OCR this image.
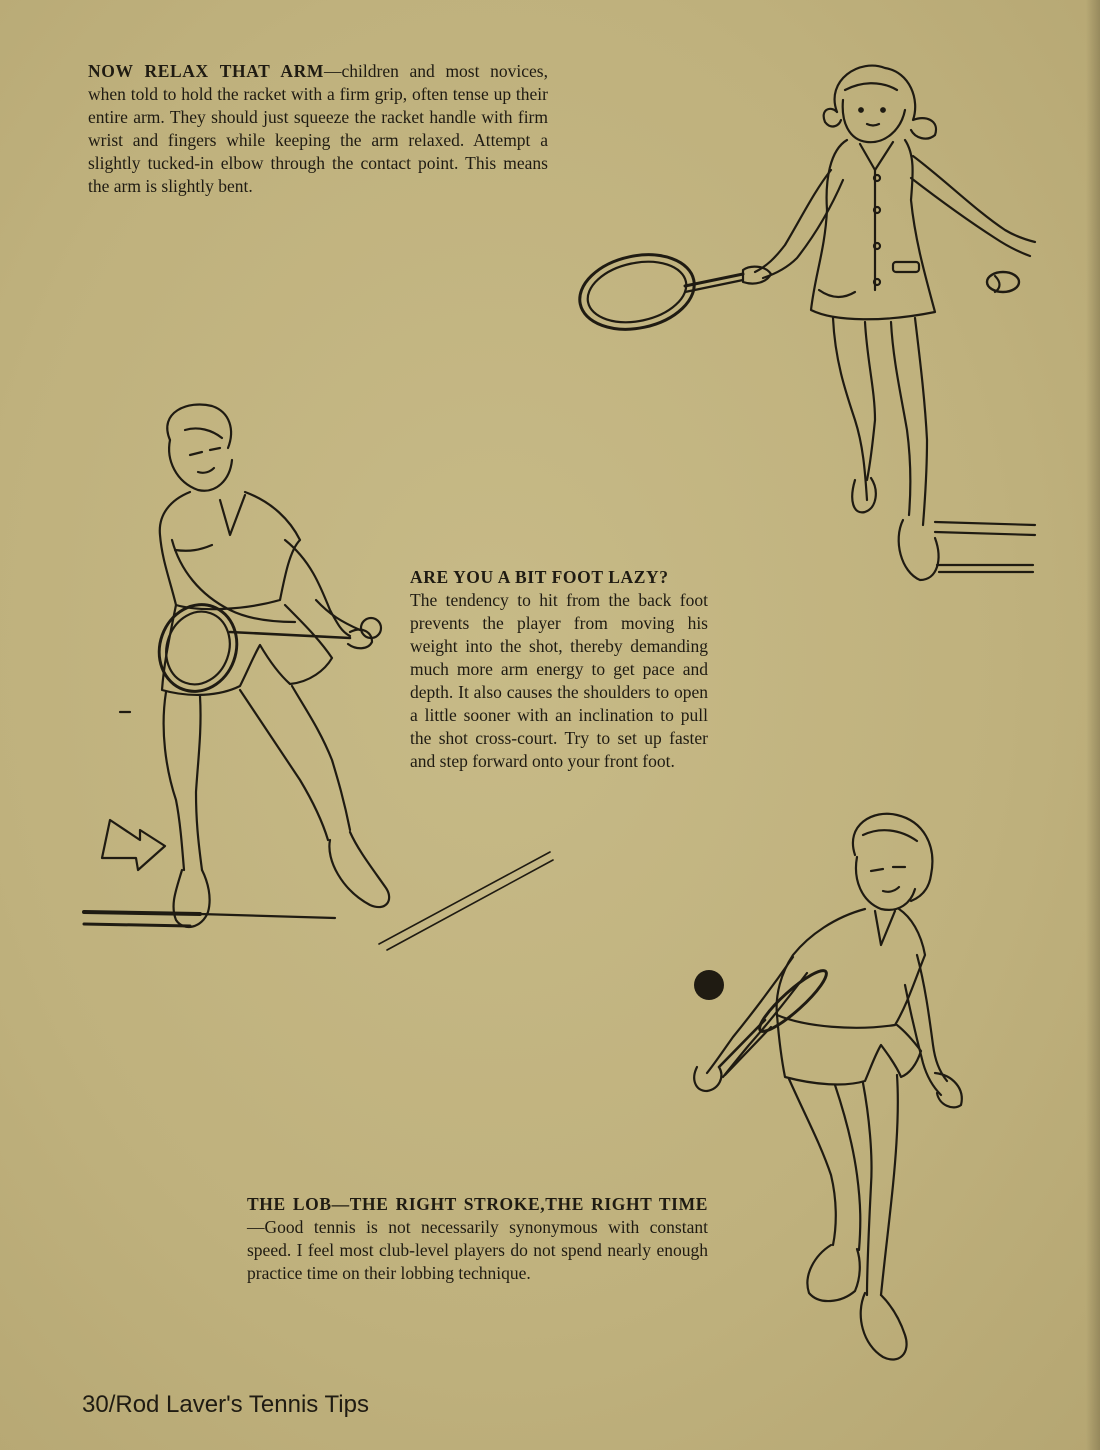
NOW RELAX THAT ARM—children and most novices, when told to hold the racket with a firm grip, often tense up their entire arm. They should just squeeze the racket handle with firm wrist and fingers while keeping the arm relaxed. Attempt a slightly tucked-in elbow through the contact point. This means the arm is slightly bent.
ARE YOU A BIT FOOT LAZY?
The tendency to hit from the back foot prevents the player from moving his weight into the shot, thereby demanding much more arm energy to get pace and depth. It also causes the shoulders to open a little sooner with an inclination to pull the shot cross-court. Try to set up faster and step forward onto your front foot.
THE LOB—THE RIGHT STROKE,THE RIGHT TIME—Good tennis is not necessarily synonymous with constant speed. I feel most club-level players do not spend nearly enough practice time on their lobbing technique.
30/Rod Laver's Tennis Tips
